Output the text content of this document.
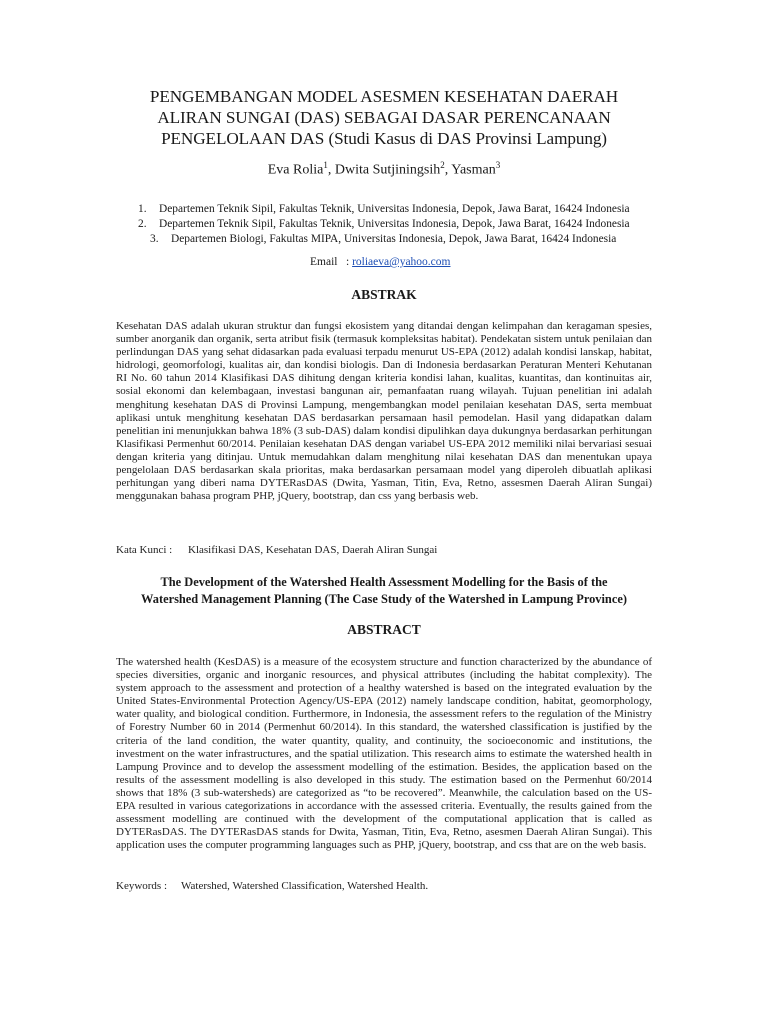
PENGEMBANGAN MODEL ASESMEN KESEHATAN DAERAH
ALIRAN SUNGAI (DAS) SEBAGAI DASAR PERENCANAAN
PENGELOLAAN DAS (Studi Kasus di DAS Provinsi Lampung)
Eva Rolia$^1$, Dwita Sutjiningsih$^2$, Yasman$^3$
1. Departemen Teknik Sipil, Fakultas Teknik, Universitas Indonesia, Depok, Jawa Barat, 16424 Indonesia
2. Departemen Teknik Sipil, Fakultas Teknik, Universitas Indonesia, Depok, Jawa Barat, 16424 Indonesia
3. Departemen Biologi, Fakultas MIPA, Universitas Indonesia, Depok, Jawa Barat, 16424 Indonesia
Email : roliaeva@yahoo.com
ABSTRAK

Kesehatan DAS adalah ukuran struktur dan fungsi ekosistem yang ditandai dengan kelimpahan dan keragaman spesies, sumber anorganik dan organik, serta atribut fisik (termasuk kompleksitas habitat). Pendekatan sistem untuk penilaian dan perlindungan DAS yang sehat didasarkan pada evaluasi terpadu menurut US-EPA (2012) adalah kondisi lanskap, habitat, hidrologi, geomorfologi, kualitas air, dan kondisi biologis. Dan di Indonesia berdasarkan Peraturan Menteri Kehutanan RI No. 60 tahun 2014 Klasifikasi DAS dihitung dengan kriteria kondisi lahan, kualitas, kuantitas, dan kontinuitas air, sosial ekonomi dan kelembagaan, investasi bangunan air, pemanfaatan ruang wilayah. Tujuan penelitian ini adalah menghitung kesehatan DAS di Provinsi Lampung, mengembangkan model penilaian kesehatan DAS, serta membuat aplikasi untuk menghitung kesehatan DAS berdasarkan persamaan hasil pemodelan. Hasil yang didapatkan dalam penelitian ini menunjukkan bahwa 18% (3 sub-DAS) dalam kondisi dipulihkan daya dukungnya berdasarkan perhitungan Klasifikasi Permenhut 60/2014. Penilaian kesehatan DAS dengan variabel US-EPA 2012 memiliki nilai bervariasi sesuai dengan kriteria yang ditinjau. Untuk memudahkan dalam menghitung nilai kesehatan DAS dan menentukan upaya pengelolaan DAS berdasarkan skala prioritas, maka berdasarkan persamaan model yang diperoleh dibuatlah aplikasi perhitungan yang diberi nama DYTERasDAS (Dwita, Yasman, Titin, Eva, Retno, assesmen Daerah Aliran Sungai) menggunakan bahasa program PHP, jQuery, bootstrap, dan css yang berbasis web.

Kata Kunci : Klasifikasi DAS, Kesehatan DAS, Daerah Aliran Sungai
The Development of the Watershed Health Assessment Modelling for the Basis of the
Watershed Management Planning (The Case Study of the Watershed in Lampung Province)
ABSTRACT

The watershed health (KesDAS) is a measure of the ecosystem structure and function characterized by the abundance of species diversities, organic and inorganic resources, and physical attributes (including the habitat complexity). The system approach to the assessment and protection of a healthy watershed is based on the integrated evaluation by the United States-Environmental Protection Agency/US-EPA (2012) namely landscape condition, habitat, geomorphology, water quality, and biological condition. Furthermore, in Indonesia, the assessment refers to the regulation of the Ministry of Forestry Number 60 in 2014 (Permenhut 60/2014). In this standard, the watershed classification is justified by the criteria of the land condition, the water quantity, quality, and continuity, the socioeconomic and institutions, the investment on the water infrastructures, and the spatial utilization. This research aims to estimate the watershed health in Lampung Province and to develop the assessment modelling of the estimation. Besides, the application based on the results of the assessment modelling is also developed in this study. The estimation based on the Permenhut 60/2014 shows that 18% (3 sub-watersheds) are categorized as “to be recovered”. Meanwhile, the calculation based on the US-EPA resulted in various categorizations in accordance with the assessed criteria. Eventually, the results gained from the assessment modelling are continued with the development of the computational application that is called as DYTERasDAS. The DYTERasDAS stands for Dwita, Yasman, Titin, Eva, Retno, asesmen Daerah Aliran Sungai). This application uses the computer programming languages such as PHP, jQuery, bootstrap, and css that are on the web basis.

Keywords : Watershed, Watershed Classification, Watershed Health.
